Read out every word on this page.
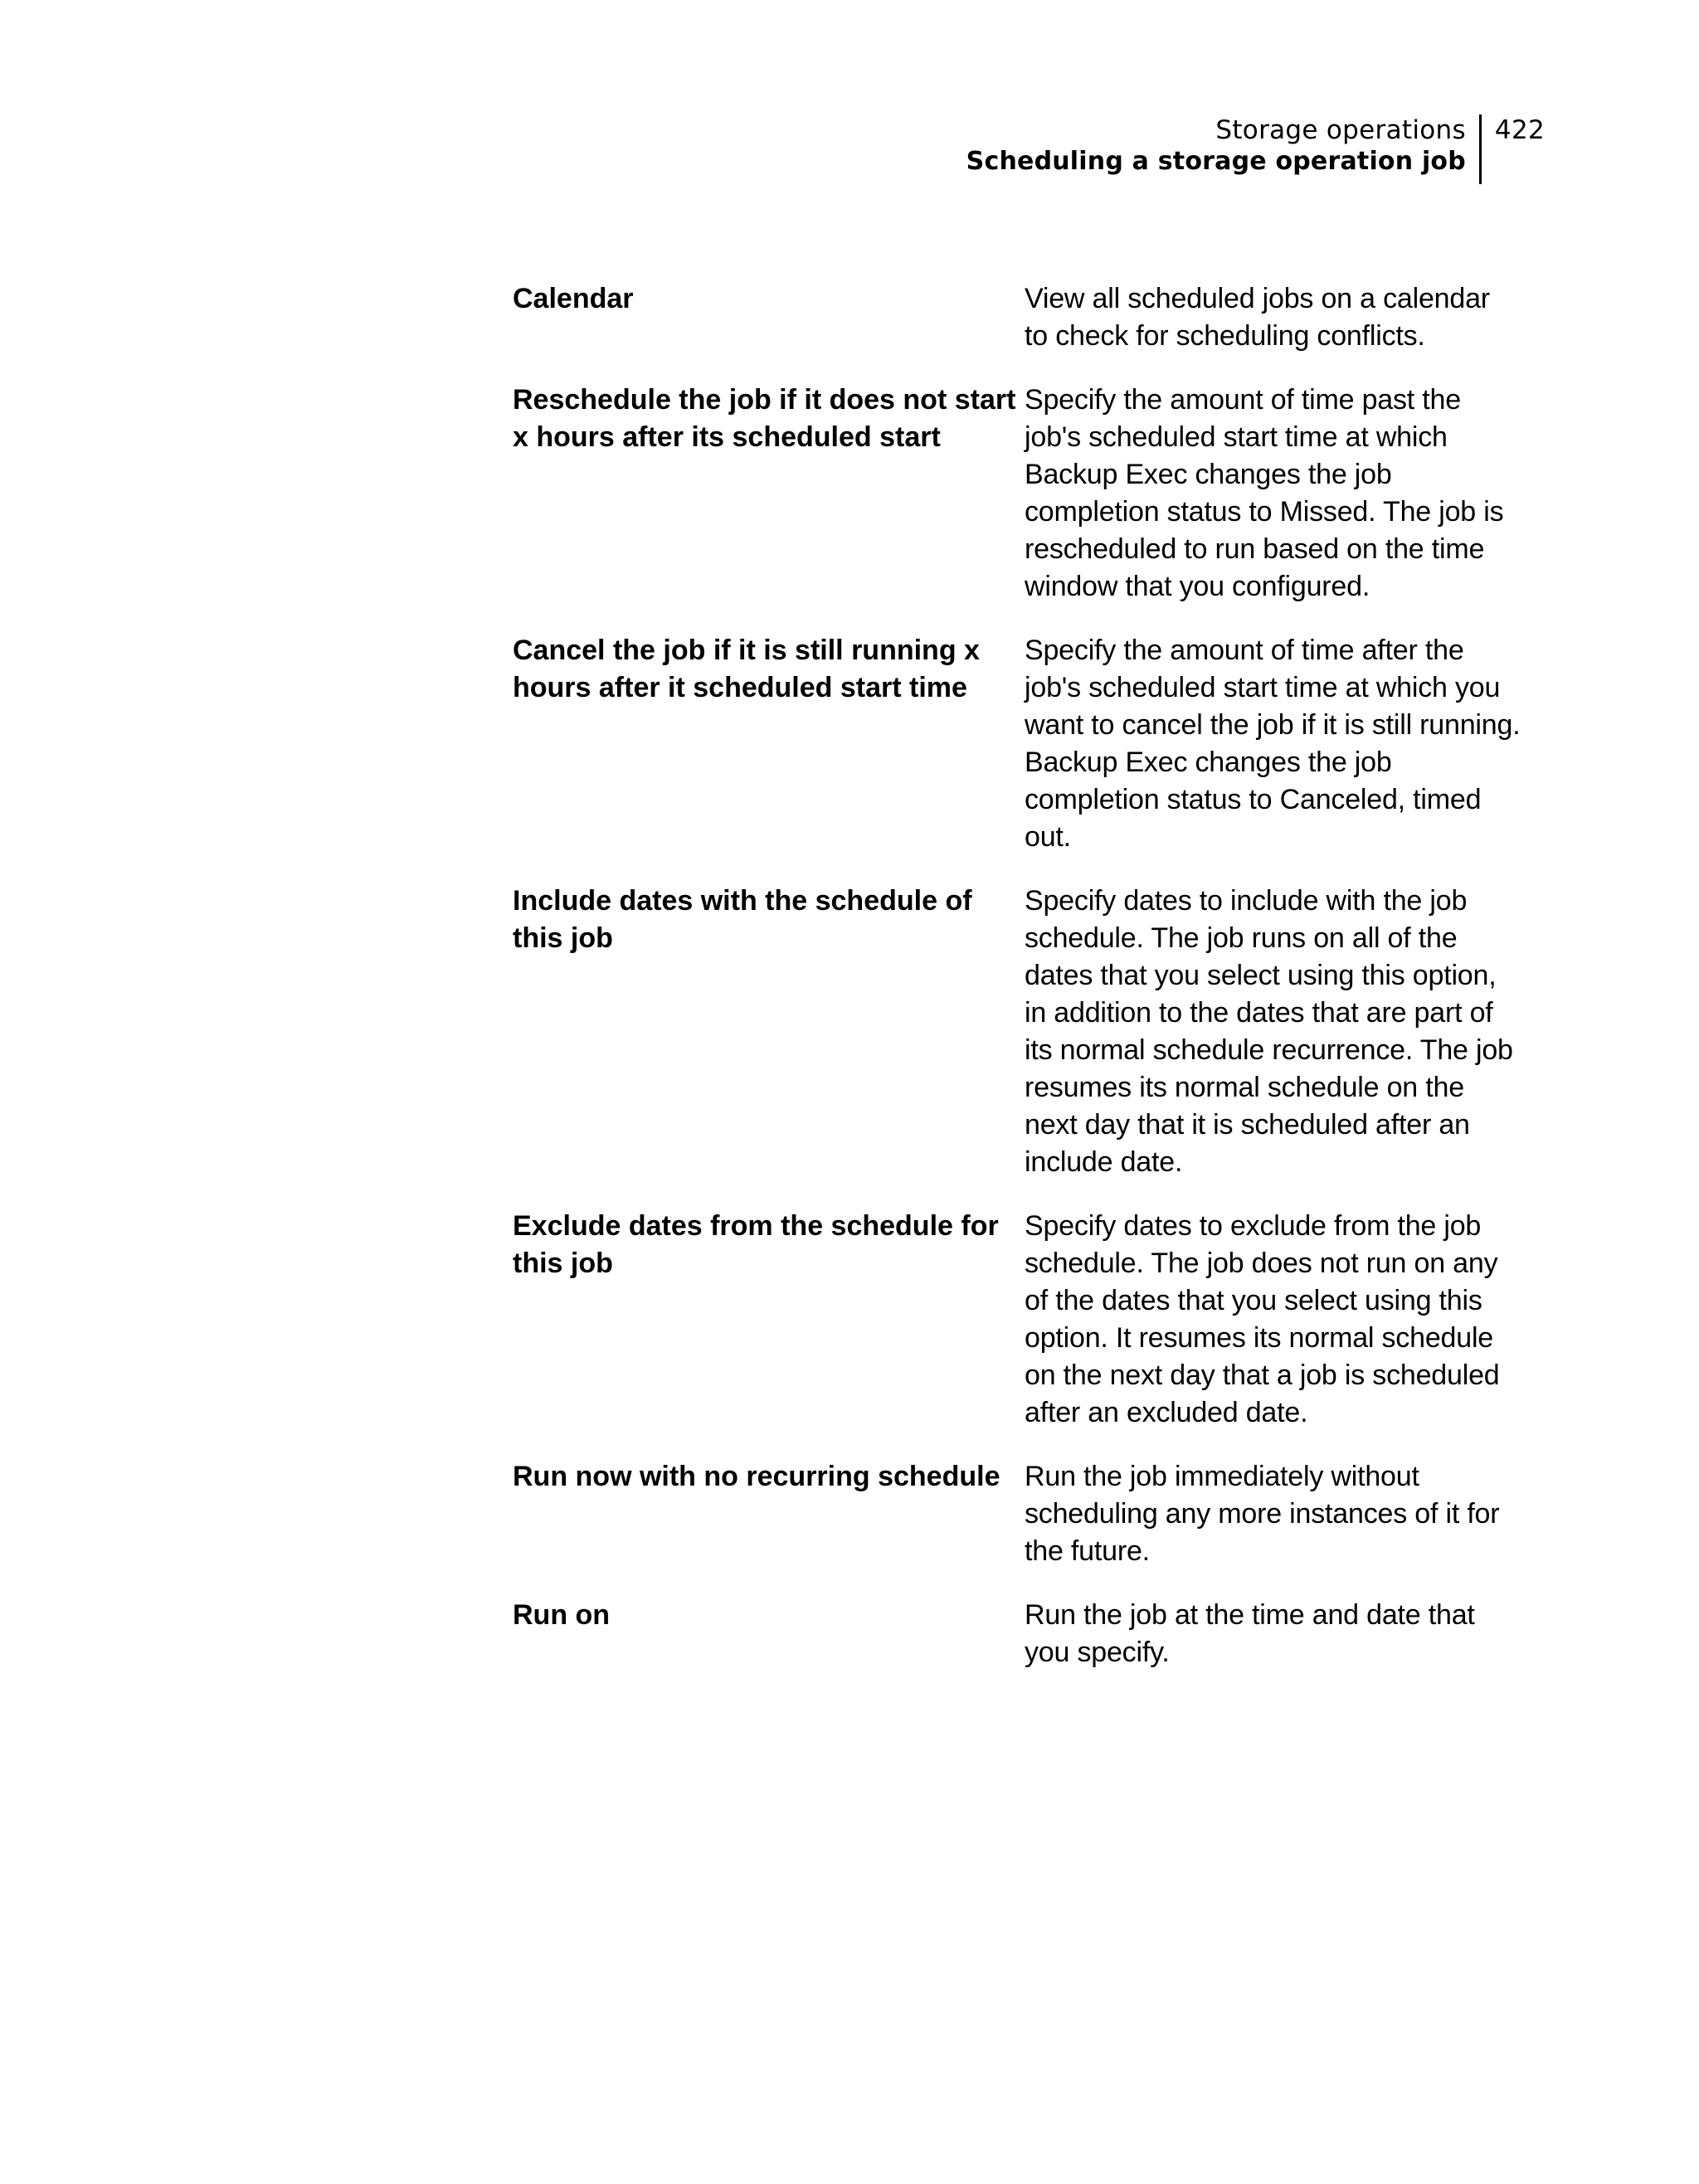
Storage operations
Scheduling a storage operation job
422
Calendar	View all scheduled jobs on a calendar to check for scheduling conflicts.
Reschedule the job if it does not start x hours after its scheduled start
Specify the amount of time past the job's scheduled start time at which Backup Exec changes the job completion status to Missed. The job is rescheduled to run based on the time window that you configured.
Cancel the job if it is still running x hours after it scheduled start time
Specify the amount of time after the job's scheduled start time at which you want to cancel the job if it is still running. Backup Exec changes the job completion status to Canceled, timed out.
Include dates with the schedule of this job
Specify dates to include with the job schedule. The job runs on all of the dates that you select using this option, in addition to the dates that are part of its normal schedule recurrence. The job resumes its normal schedule on the next day that it is scheduled after an include date.
Exclude dates from the schedule for this job
Specify dates to exclude from the job schedule. The job does not run on any of the dates that you select using this option. It resumes its normal schedule on the next day that a job is scheduled after an excluded date.
Run now with no recurring schedule Run the job immediately without scheduling any more instances of it for the future.
Run on	Run the job at the time and date that you specify.
